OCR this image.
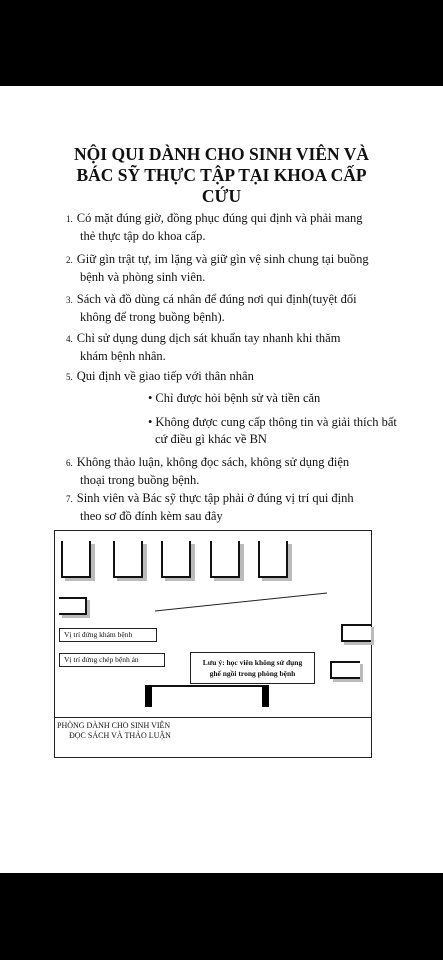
NỘI QUI DÀNH CHO SINH VIÊN VÀ
BÁC SỸ THỰC TẬP TẠI KHOA CẤP
CỨU
1. Có mặt đúng giờ, đồng phục đúng qui định và phải mang
thẻ thực tập do khoa cấp.
2. Giữ gìn trật tự, im lặng và giữ gìn vệ sinh chung tại buồng
bệnh và phòng sinh viên.
3. Sách và đồ dùng cá nhân để đúng nơi qui định(tuyệt đối
không để trong buồng bệnh).
4. Chỉ sử dụng dung dịch sát khuẩn tay nhanh khi thăm
khám bệnh nhân.
5. Qui định về giao tiếp với thân nhân
• Chỉ được hỏi bệnh sử và tiền căn
• Không được cung cấp thông tin và giải thích bất
cứ điều gì khác về BN
6. Không thảo luận, không đọc sách, không sử dụng điện
thoại trong buồng bệnh.
7. Sinh viên và Bác sỹ thực tập phải ở đúng vị trí qui định
theo sơ đồ đính kèm sau đây
Vị trí đứng khám bệnh
Vị trí đứng chép bệnh án	Lưu ý: học viên không sử dụng
ghế ngồi trong phòng bệnh
PHÒNG DÀNH CHO SINH VIÊN
ĐỌC SÁCH VÀ THẢO LUẬN
